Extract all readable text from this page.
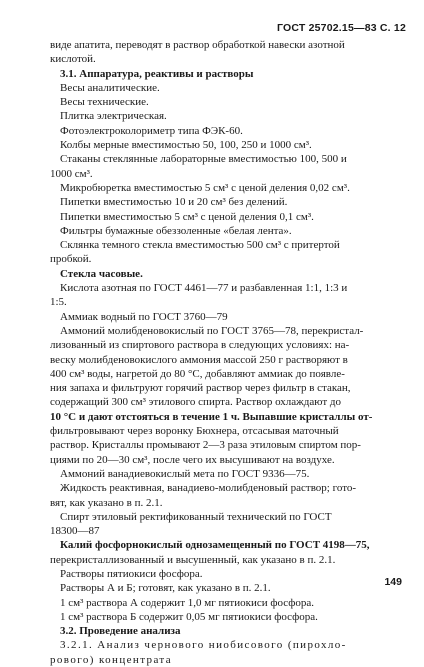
ГОСТ 25702.15—83 С. 12
виде апатита, переводят в раствор обработкой навески азотной
кислотой.
3.1. Аппаратура, реактивы и растворы
Весы аналитические.
Весы технические.
Плитка электрическая.
Фотоэлектроколориметр типа ФЭК-60.
Колбы мерные вместимостью 50, 100, 250 и 1000 см³.
Стаканы стеклянные лабораторные вместимостью 100, 500 и
1000 см³.
Микробюретка вместимостью 5 см³ с ценой деления 0,02 см³.
Пипетки вместимостью 10 и 20 см³ без делений.
Пипетки вместимостью 5 см³ с ценой деления 0,1 см³.
Фильтры бумажные обеззоленные «белая лента».
Склянка темного стекла вместимостью 500 см³ с притертой
пробкой.
Стекла часовые.
Кислота азотная по ГОСТ 4461—77 и разбавленная 1:1, 1:3 и
1:5.
Аммиак водный по ГОСТ 3760—79
Аммоний молибденовокислый по ГОСТ 3765—78, перекристал-
лизованный из спиртового раствора в следующих условиях: на-
веску молибденовокислого аммония массой 250 г растворяют в
400 см³ воды, нагретой до 80 °С, добавляют аммиак до появле-
ния запаха и фильтруют горячий раствор через фильтр в стакан,
содержащий 300 см³ этилового спирта. Раствор охлаждают до
10 °С и дают отстояться в течение 1 ч. Выпавшие кристаллы от-
фильтровывают через воронку Бюхнера, отсасывая маточный
раствор. Кристаллы промывают 2—3 раза этиловым спиртом пор-
циями по 20—30 см³, после чего их высушивают на воздухе.
Аммоний ванадиевокислый мета по ГОСТ 9336—75.
Жидкость реактивная, ванадиево-молибденовый раствор; гото-
вят, как указано в п. 2.1.
Спирт этиловый ректификованный технический по ГОСТ
18300—87
Калий фосфорнокислый однозамещенный по ГОСТ 4198—75,
перекристаллизованный и высушенный, как указано в п. 2.1.
Растворы пятиокиси фосфора.
Растворы А и Б; готовят, как указано в п. 2.1.
1 см³ раствора А содержит 1,0 мг пятиокиси фосфора.
1 см³ раствора Б содержит 0,05 мг пятиокиси фосфора.
3.2. Проведение анализа
3.2.1. Анализ чернового ниобисового (пирохло-
рового) концентрата
149
